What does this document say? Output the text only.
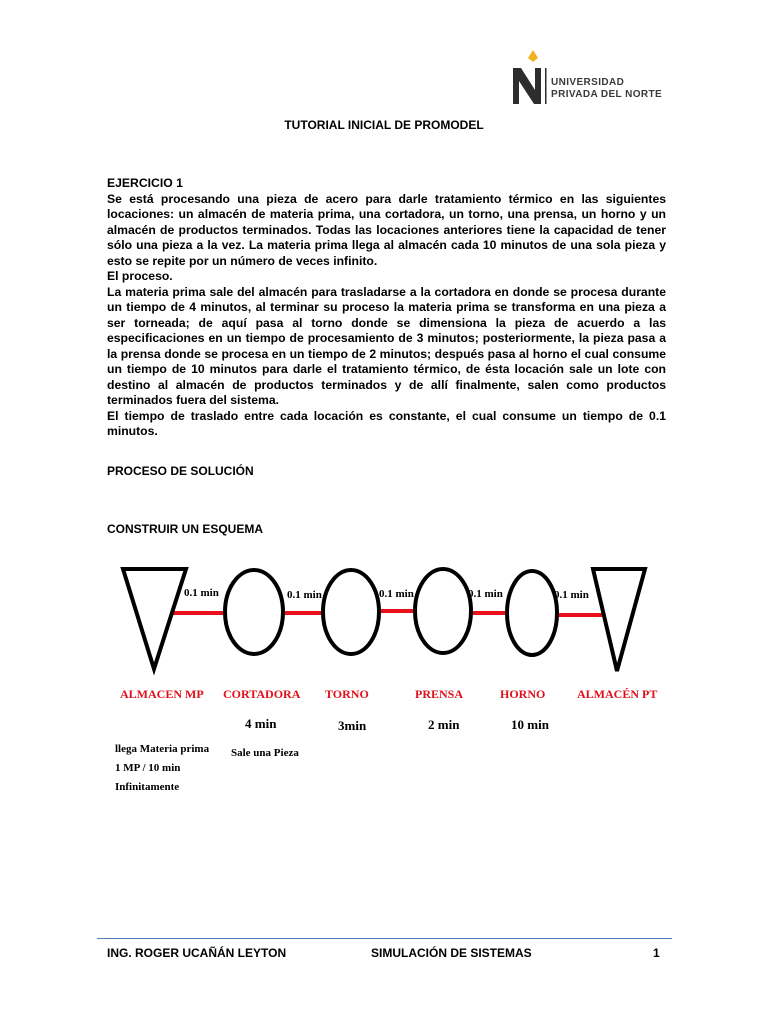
UNIVERSIDAD
PRIVADA DEL NORTE
TUTORIAL INICIAL DE PROMODEL

EJERCICIO 1

Se está procesando una pieza de acero para darle tratamiento térmico en las siguientes locaciones: un almacén de materia prima, una cortadora, un torno, una prensa, un horno y un almacén de productos terminados. Todas las locaciones anteriores tiene la capacidad de tener sólo una pieza a la vez. La materia prima llega al almacén cada 10 minutos de una sola pieza y esto se repite por un número de veces infinito.

El proceso.

La materia prima sale del almacén para trasladarse a la cortadora en donde se procesa durante un tiempo de 4 minutos, al terminar su proceso la materia prima se transforma en una pieza a ser torneada; de aquí pasa al torno donde se dimensiona la pieza de acuerdo a las especificaciones en un tiempo de procesamiento de 3 minutos; posteriormente, la pieza pasa a la prensa donde se procesa en un tiempo de 2 minutos; después pasa al horno el cual consume un tiempo de 10 minutos para darle el tratamiento térmico, de ésta locación sale un lote con destino al almacén de productos terminados y de allí finalmente, salen como productos terminados fuera del sistema.

El tiempo de traslado entre cada locación es constante, el cual consume un tiempo de 0.1 minutos.

PROCESO DE SOLUCIÓN
CONSTRUIR UN ESQUEMA
0.1 min	0.1 min	0.1 min	0.1 min	0.1 min
ALMACEN MP CORTADORA TORNO	PRENSA	HORNO	ALMACÉN PT
4 min	3min	2 min	10 min
llega Materia prima
1 MP / 10 min
Infinitamente
Sale una Pieza
ING. ROGER UCAÑÁN LEYTON	SIMULACIÓN DE SISTEMAS	1
